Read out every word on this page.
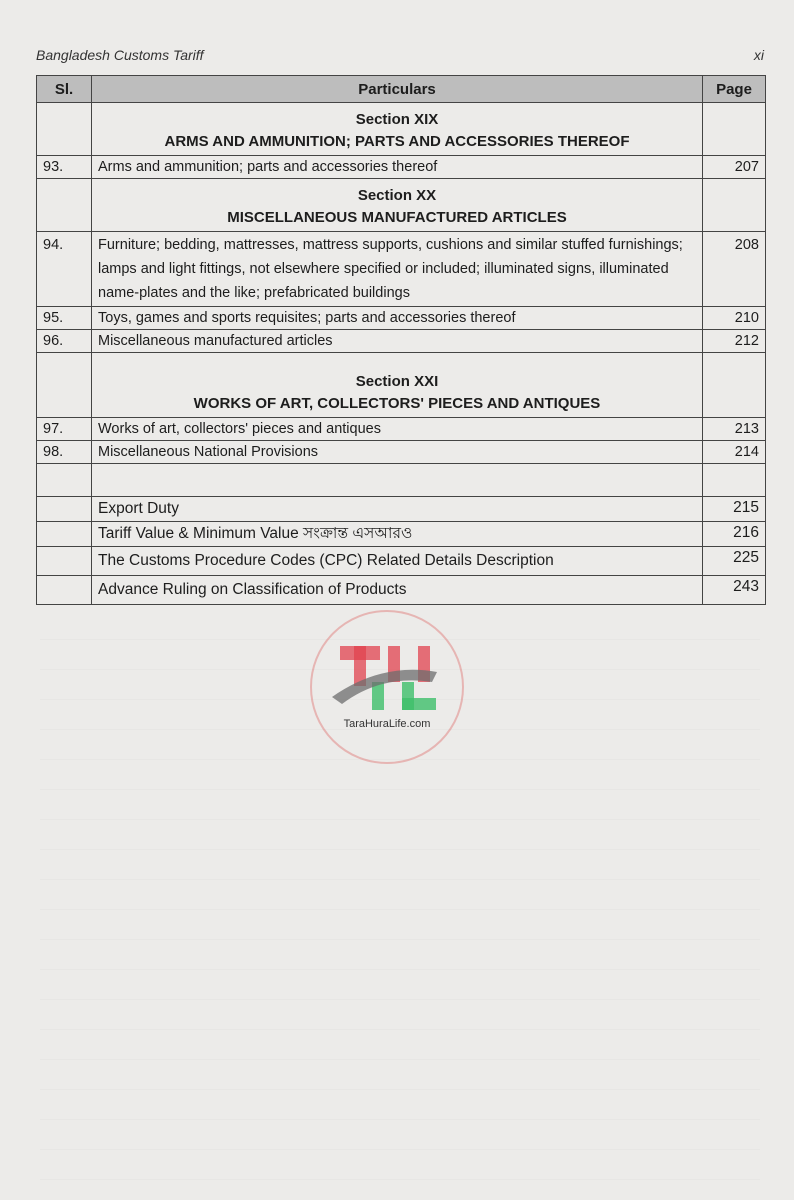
Bangladesh Customs Tariff	xi
Sl.	Particulars	Page

	Section XIX
ARMS AND AMMUNITION; PARTS AND ACCESSORIES THEREOF	

93.	Arms and ammunition; parts and accessories thereof	207

	Section XX
MISCELLANEOUS MANUFACTURED ARTICLES	

94.	Furniture; bedding, mattresses, mattress supports, cushions and similar stuffed furnishings; lamps and light fittings, not elsewhere specified or included; illuminated signs, illuminated name-plates and the like; prefabricated buildings	208
95.	Toys, games and sports requisites; parts and accessories thereof	210
96.	Miscellaneous manufactured articles	212

	Section XXI
WORKS OF ART, COLLECTORS' PIECES AND ANTIQUES	

97.	Works of art, collectors' pieces and antiques	213
98.	Miscellaneous National Provisions	214

	Export Duty	215
	Tariff Value & Minimum Value সংক্রান্ত এসআরও	216
	The Customs Procedure Codes (CPC) Related Details Description	225
	Advance Ruling on Classification of Products	243
TaraHuraLife.com
